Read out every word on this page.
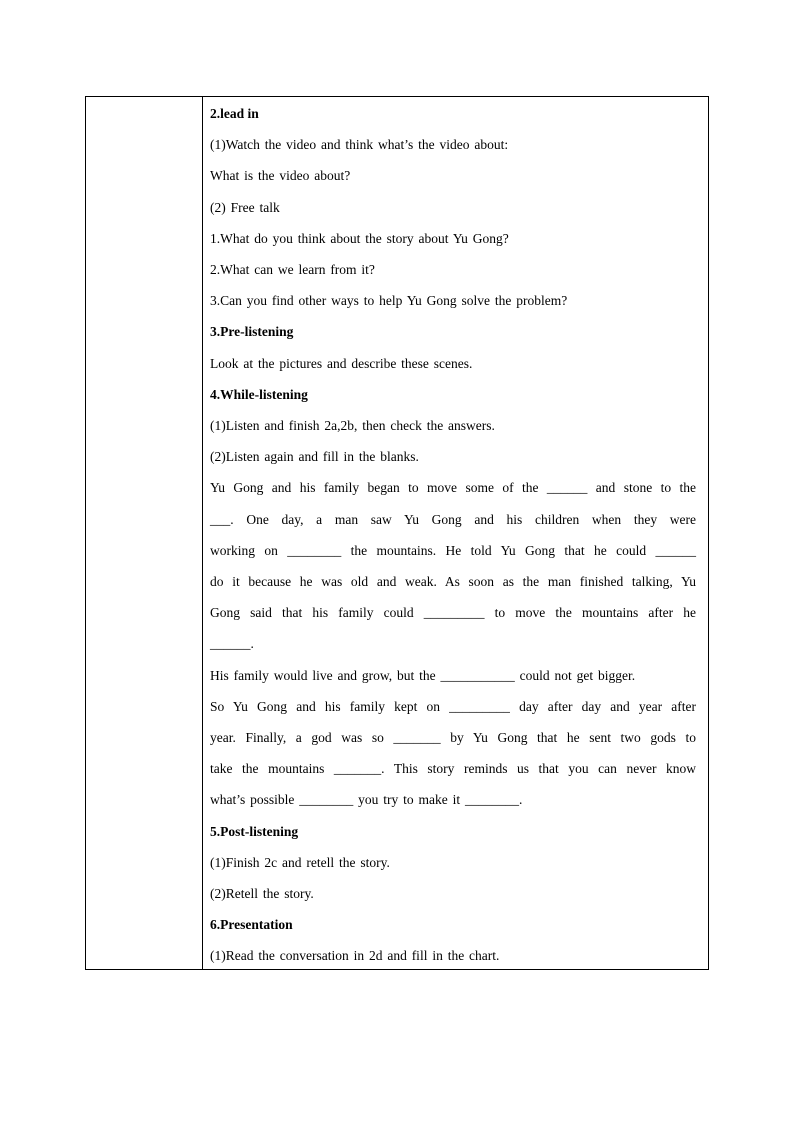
2.lead in
(1)Watch the video and think what’s the video about:
What is the video about?
(2) Free talk
1.What do you think about the story about Yu Gong?
2.What can we learn from it?
3.Can you find other ways to help Yu Gong solve the problem?
3.Pre-listening
Look at the pictures and describe these scenes.
4.While-listening
(1)Listen and finish 2a,2b, then check the answers.
(2)Listen again and fill in the blanks.
Yu Gong and his family began to move some of the ______ and stone to the
___. One day, a man saw Yu Gong and his children when they were
working on ________ the mountains. He told Yu Gong that he could ______
do it because he was old and weak. As soon as the man finished talking, Yu
Gong said that his family could _________ to move the mountains after he
______.
His family would live and grow, but the ___________ could not get bigger.
So Yu Gong and his family kept on _________ day after day and year after
year. Finally, a god was so _______ by Yu Gong that he sent two gods to
take the mountains _______. This story reminds us that you can never know
what’s possible ________ you try to make it ________.
5.Post-listening
(1)Finish 2c and retell the story.
(2)Retell the story.
6.Presentation
(1)Read the conversation in 2d and fill in the chart.
